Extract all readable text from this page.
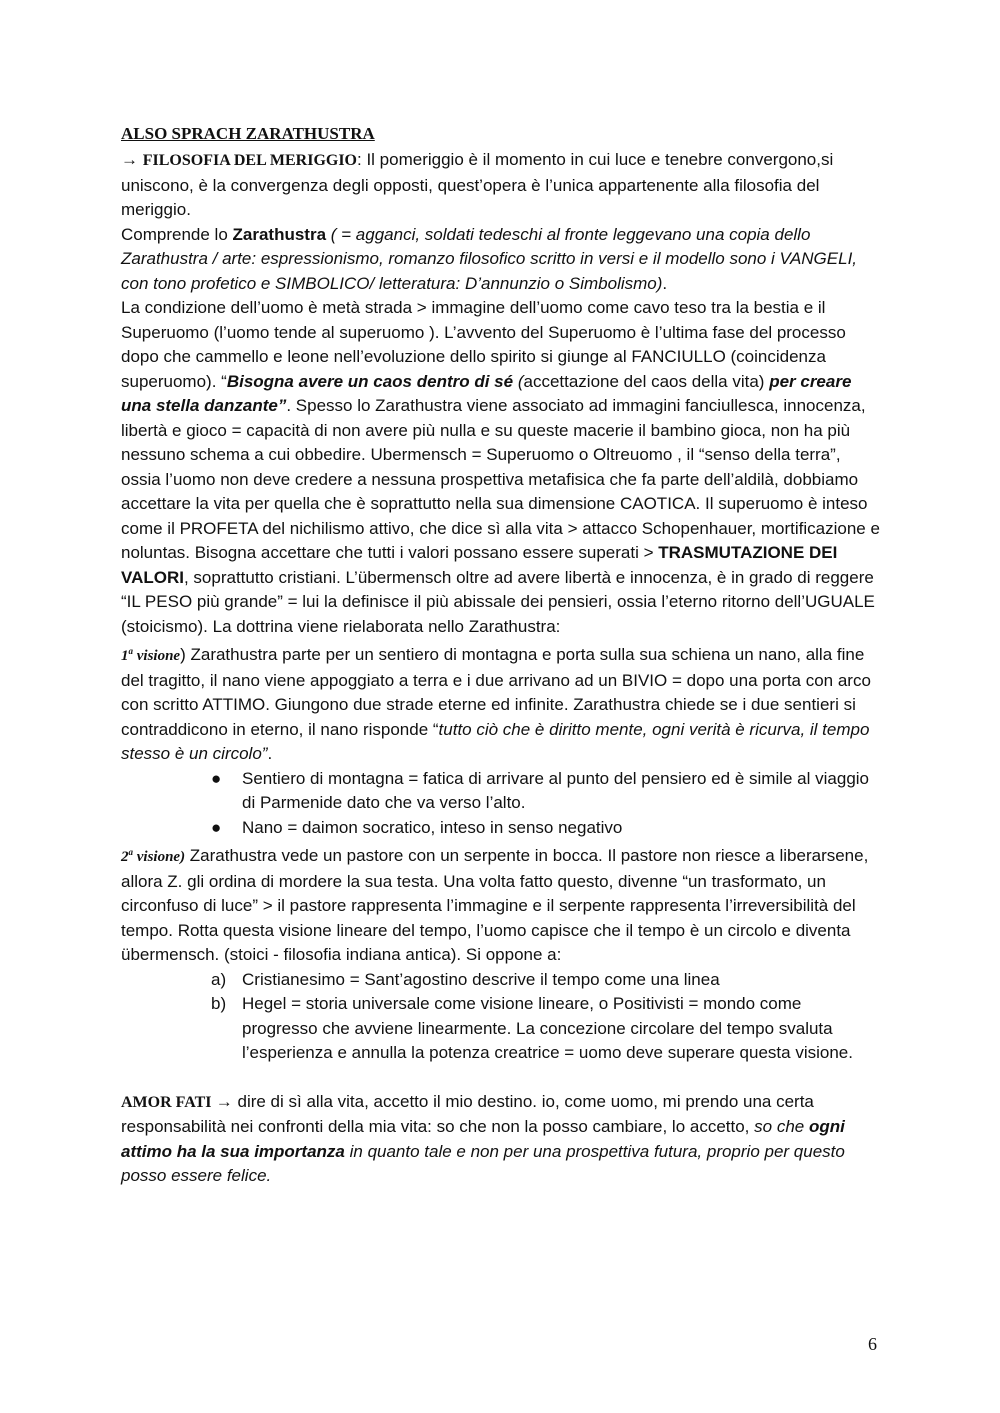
ALSO SPRACH ZARATHUSTRA

→ FILOSOFIA DEL MERIGGIO: Il pomeriggio è il momento in cui luce e tenebre convergono,si uniscono, è la convergenza degli opposti, quest’opera è l’unica appartenente alla filosofia del meriggio.

Comprende lo Zarathustra ( = agganci, soldati tedeschi al fronte leggevano una copia dello Zarathustra / arte: espressionismo, romanzo filosofico scritto in versi e il modello sono i VANGELI, con tono profetico e SIMBOLICO/ letteratura: D’annunzio o Simbolismo).

La condizione dell’uomo è metà strada > immagine dell’uomo come cavo teso tra la bestia e il Superuomo (l’uomo tende al superuomo ). L’avvento del Superuomo è l’ultima fase del processo dopo che cammello e leone nell’evoluzione dello spirito si giunge al FANCIULLO (coincidenza superuomo). “Bisogna avere un caos dentro di sé (accettazione del caos della vita) per creare una stella danzante”. Spesso lo Zarathustra viene associato ad immagini fanciullesca, innocenza, libertà e gioco = capacità di non avere più nulla e su queste macerie il bambino gioca, non ha più nessuno schema a cui obbedire. Ubermensch = Superuomo o Oltreuomo , il “senso della terra”, ossia l’uomo non deve credere a nessuna prospettiva metafisica che fa parte dell’aldilà, dobbiamo accettare la vita per quella che è soprattutto nella sua dimensione CAOTICA. Il superuomo è inteso come il PROFETA del nichilismo attivo, che dice sì alla vita > attacco Schopenhauer, mortificazione e noluntas. Bisogna accettare che tutti i valori possano essere superati > TRASMUTAZIONE DEI VALORI, soprattutto cristiani. L’übermensch oltre ad avere libertà e innocenza, è in grado di reggere “IL PESO più grande” = lui la definisce il più abissale dei pensieri, ossia l’eterno ritorno dell’UGUALE (stoicismo). La dottrina viene rielaborata nello Zarathustra:

1$^a$ visione) Zarathustra parte per un sentiero di montagna e porta sulla sua schiena un nano, alla fine del tragitto, il nano viene appoggiato a terra e i due arrivano ad un BIVIO = dopo una porta con arco con scritto ATTIMO. Giungono due strade eterne ed infinite. Zarathustra chiede se i due sentieri si contraddicono in eterno, il nano risponde “tutto ciò che è diritto mente, ogni verità è ricurva, il tempo stesso è un circolo”.

● Sentiero di montagna = fatica di arrivare al punto del pensiero ed è simile al viaggio di Parmenide dato che va verso l’alto.
● Nano = daimon socratico, inteso in senso negativo

2$^a$ visione) Zarathustra vede un pastore con un serpente in bocca. Il pastore non riesce a liberarsene, allora Z. gli ordina di mordere la sua testa. Una volta fatto questo, divenne “un trasformato, un circonfuso di luce” > il pastore rappresenta l’immagine e il serpente rappresenta l’irreversibilità del tempo. Rotta questa visione lineare del tempo, l’uomo capisce che il tempo è un circolo e diventa übermensch. (stoici - filosofia indiana antica). Si oppone a:

a) Cristianesimo = Sant’agostino descrive il tempo come una linea
b) Hegel = storia universale come visione lineare, o Positivisti = mondo come progresso che avviene linearmente. La concezione circolare del tempo svaluta l’esperienza e annulla la potenza creatrice = uomo deve superare questa visione.

AMOR FATI → dire di sì alla vita, accetto il mio destino. io, come uomo, mi prendo una certa responsabilità nei confronti della mia vita: so che non la posso cambiare, lo accetto, so che ogni attimo ha la sua importanza in quanto tale e non per una prospettiva futura, proprio per questo posso essere felice.

6
